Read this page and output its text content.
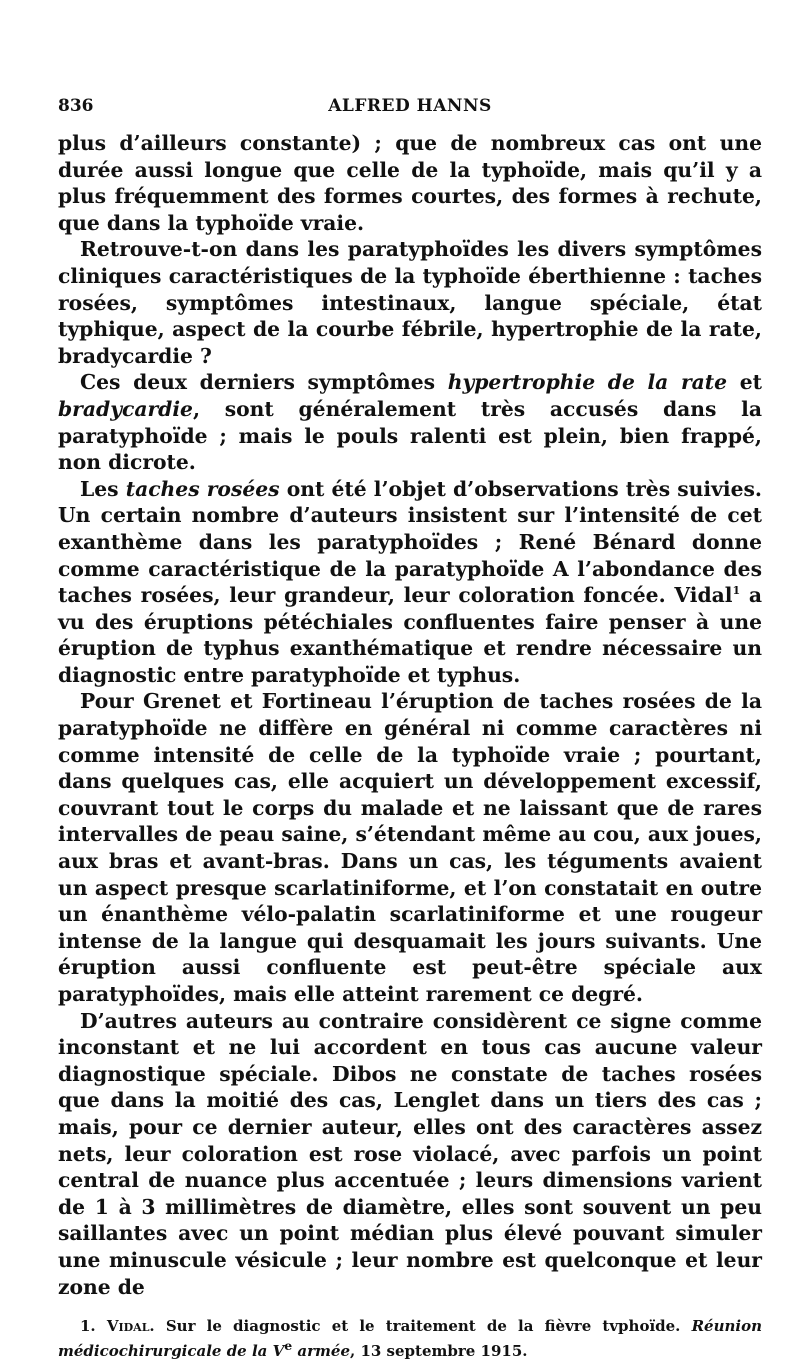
836	ALFRED HANNS

plus d’ailleurs constante) ; que de nombreux cas ont une durée aussi longue que celle de la typhoïde, mais qu’il y a plus fréquemment des formes courtes, des formes à rechute, que dans la typhoïde vraie.

Retrouve-t-on dans les paratyphoïdes les divers symptômes cliniques caractéristiques de la typhoïde éberthienne : taches rosées, symptômes intestinaux, langue spéciale, état typhique, aspect de la courbe fébrile, hypertrophie de la rate, bradycardie ?

Ces deux derniers symptômes hypertrophie de la rate et bradycardie, sont généralement très accusés dans la paratyphoïde ; mais le pouls ralenti est plein, bien frappé, non dicrote.

Les taches rosées ont été l’objet d’observations très suivies. Un certain nombre d’auteurs insistent sur l’intensité de cet exanthème dans les paratyphoïdes ; René Bénard donne comme caractéristique de la paratyphoïde A l’abondance des taches rosées, leur grandeur, leur coloration foncée. Vidal$^1$ a vu des éruptions pétéchiales confluentes faire penser à une éruption de typhus exanthématique et rendre nécessaire un diagnostic entre paratyphoïde et typhus.

Pour Grenet et Fortineau l’éruption de taches rosées de la paratyphoïde ne diffère en général ni comme caractères ni comme intensité de celle de la typhoïde vraie ; pourtant, dans quelques cas, elle acquiert un développement excessif, couvrant tout le corps du malade et ne laissant que de rares intervalles de peau saine, s’étendant même au cou, aux joues, aux bras et avant-bras. Dans un cas, les téguments avaient un aspect presque scarlatiniforme, et l’on constatait en outre un énanthème vélo-palatin scarlatiniforme et une rougeur intense de la langue qui desquamait les jours suivants. Une éruption aussi confluente est peut-être spéciale aux paratyphoïdes, mais elle atteint rarement ce degré.

D’autres auteurs au contraire considèrent ce signe comme inconstant et ne lui accordent en tous cas aucune valeur diagnostique spéciale. Dibos ne constate de taches rosées que dans la moitié des cas, Lenglet dans un tiers des cas ; mais, pour ce dernier auteur, elles ont des caractères assez nets, leur coloration est rose violacé, avec parfois un point central de nuance plus accentuée ; leurs dimensions varient de 1 à 3 millimètres de diamètre, elles sont souvent un peu saillantes avec un point médian plus élevé pouvant simuler une minuscule vésicule ; leur nombre est quelconque et leur zone de

1. Vidal. Sur le diagnostic et le traitement de la fièvre tvphoïde. Réunion médicochirurgicale de la Ve armée, 13 septembre 1915.
